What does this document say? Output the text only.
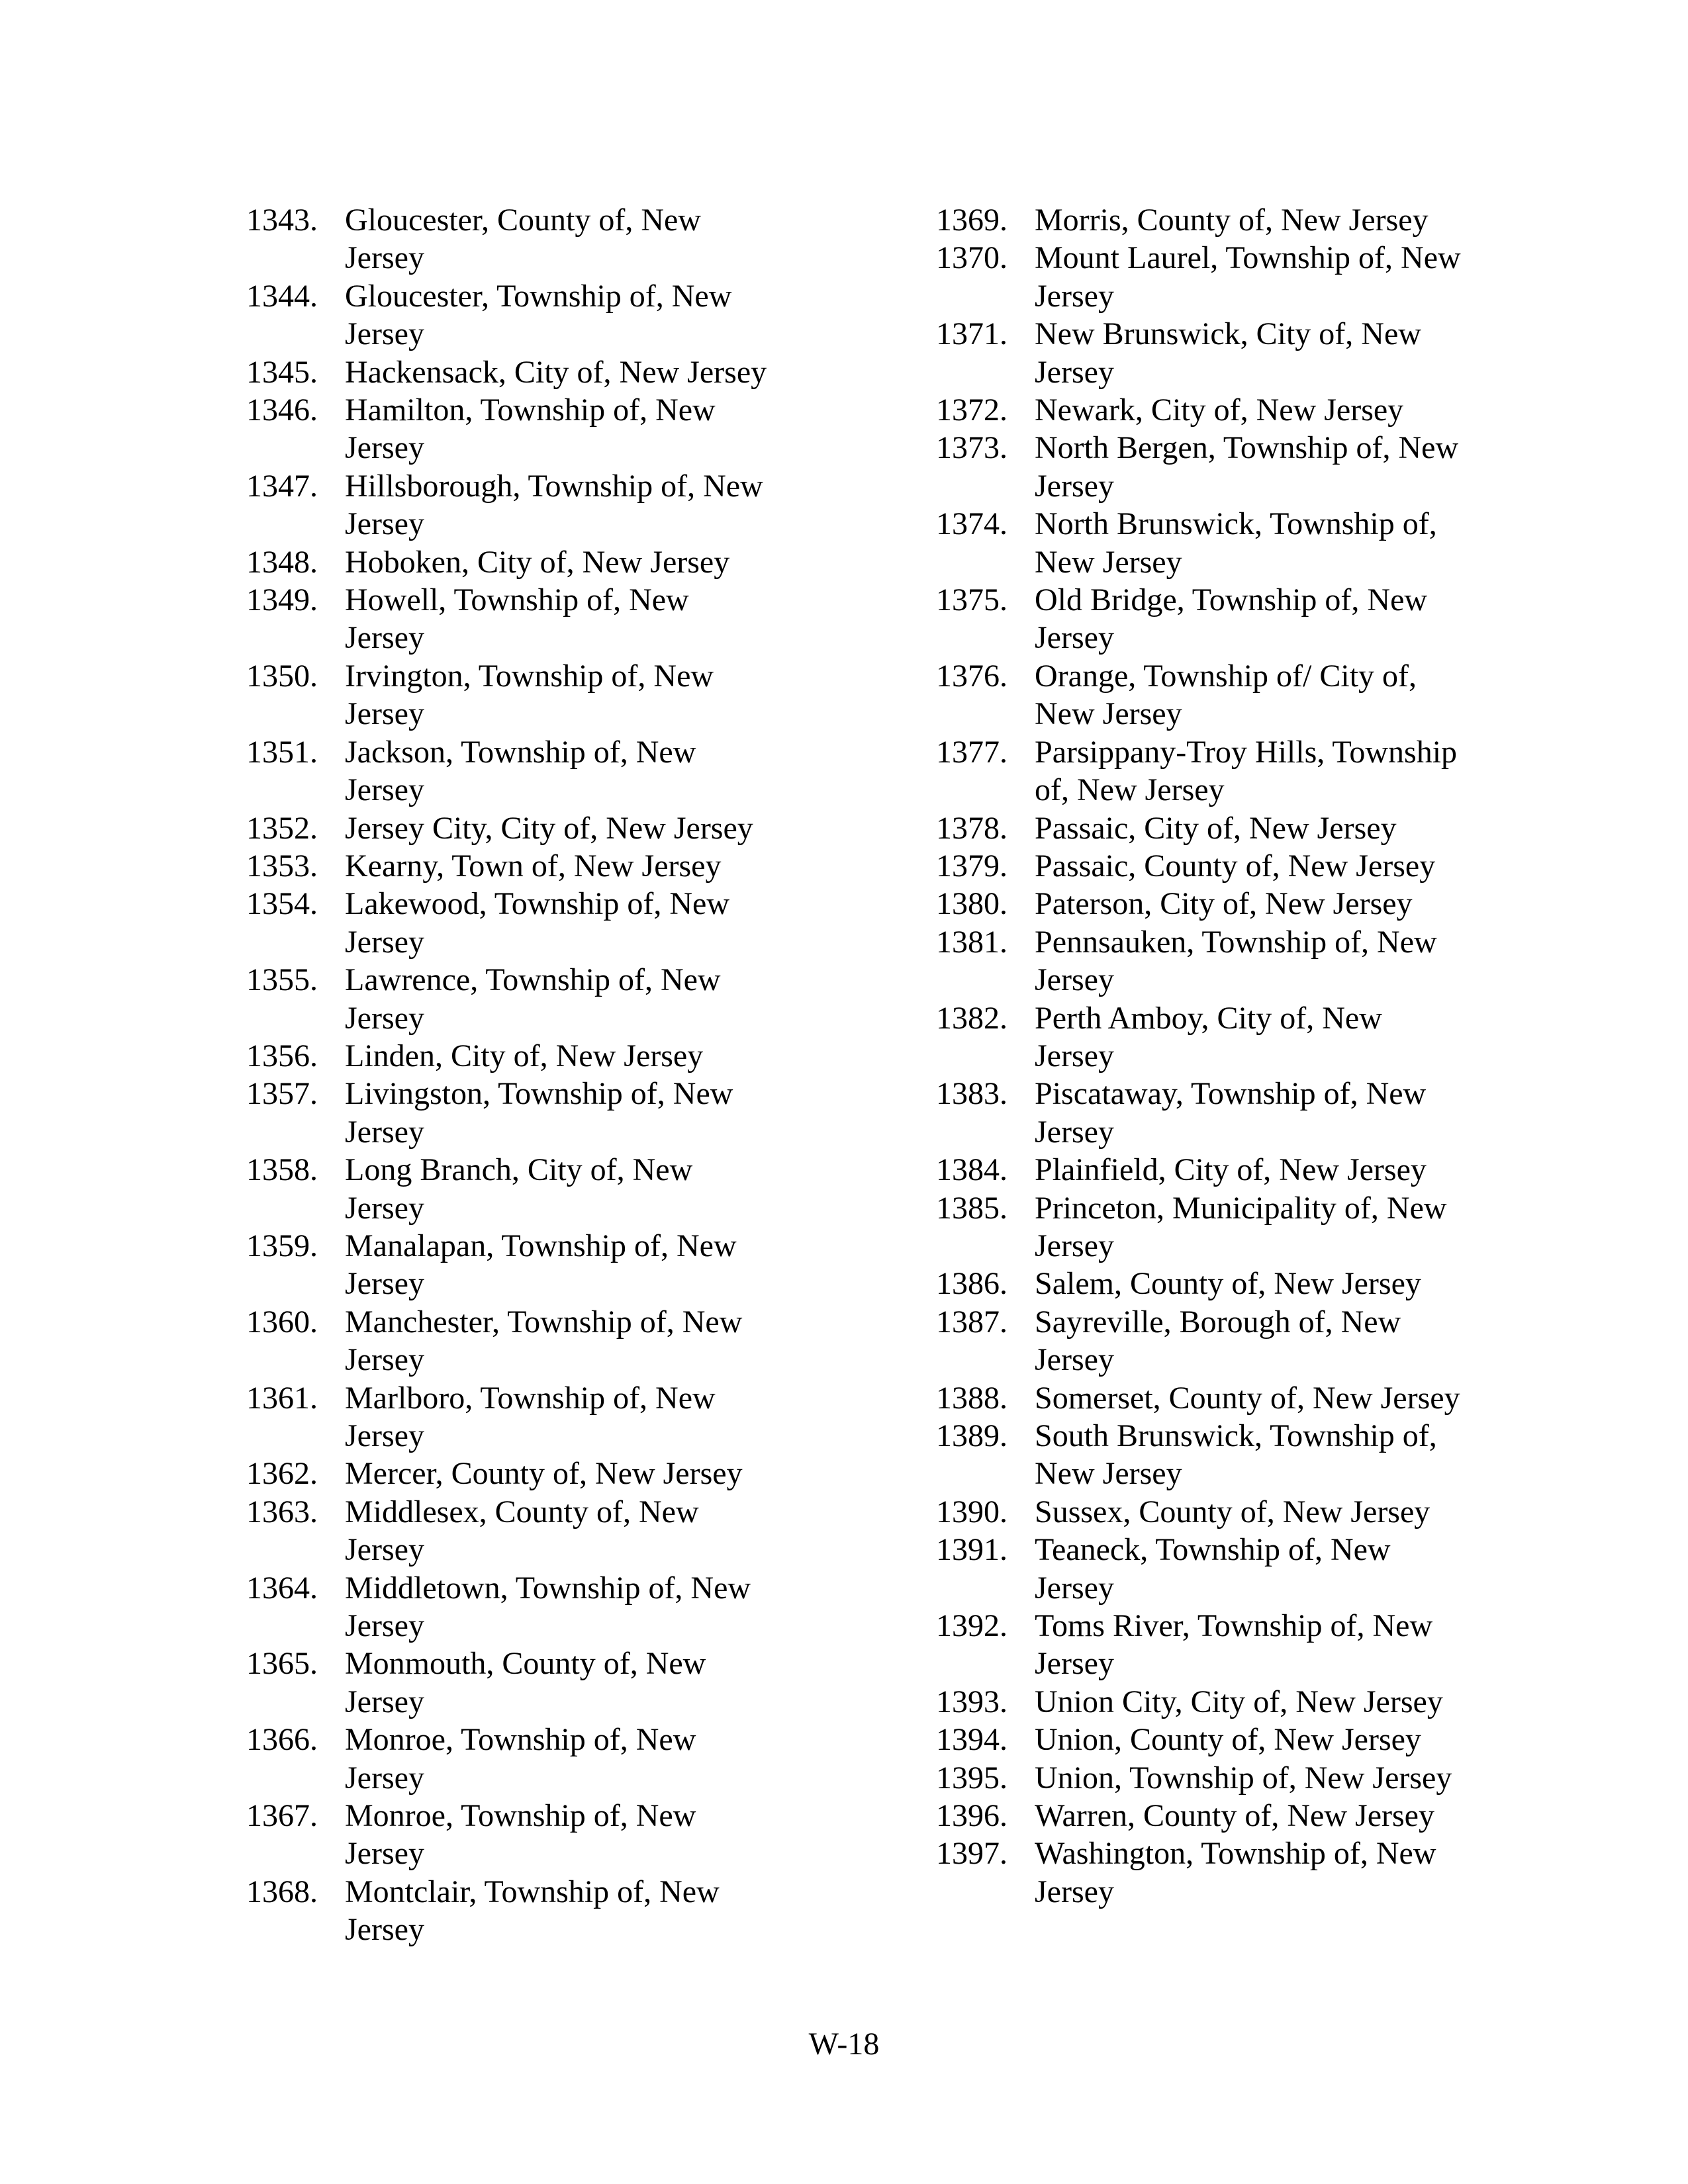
1343. Gloucester, County of, New
Jersey
1344. Gloucester, Township of, New
Jersey
1345. Hackensack, City of, New Jersey
1346. Hamilton, Township of, New
Jersey
1347. Hillsborough, Township of, New
Jersey
1348. Hoboken, City of, New Jersey
1349. Howell, Township of, New
Jersey
1350. Irvington, Township of, New
Jersey
1351. Jackson, Township of, New
Jersey
1352. Jersey City, City of, New Jersey
1353. Kearny, Town of, New Jersey
1354. Lakewood, Township of, New
Jersey
1355. Lawrence, Township of, New
Jersey
1356. Linden, City of, New Jersey
1357. Livingston, Township of, New
Jersey
1358. Long Branch, City of, New
Jersey
1359. Manalapan, Township of, New
Jersey
1360. Manchester, Township of, New
Jersey
1361. Marlboro, Township of, New
Jersey
1362. Mercer, County of, New Jersey
1363. Middlesex, County of, New
Jersey
1364. Middletown, Township of, New
Jersey
1365. Monmouth, County of, New
Jersey
1366. Monroe, Township of, New
Jersey
1367. Monroe, Township of, New
Jersey
1368. Montclair, Township of, New
Jersey
1369. Morris, County of, New Jersey
1370. Mount Laurel, Township of, New
Jersey
1371. New Brunswick, City of, New
Jersey
1372. Newark, City of, New Jersey
1373. North Bergen, Township of, New
Jersey
1374. North Brunswick, Township of,
New Jersey
1375. Old Bridge, Township of, New
Jersey
1376. Orange, Township of/ City of,
New Jersey
1377. Parsippany-Troy Hills, Township
of, New Jersey
1378. Passaic, City of, New Jersey
1379. Passaic, County of, New Jersey
1380. Paterson, City of, New Jersey
1381. Pennsauken, Township of, New
Jersey
1382. Perth Amboy, City of, New
Jersey
1383. Piscataway, Township of, New
Jersey
1384. Plainfield, City of, New Jersey
1385. Princeton, Municipality of, New
Jersey
1386. Salem, County of, New Jersey
1387. Sayreville, Borough of, New
Jersey
1388. Somerset, County of, New Jersey
1389. South Brunswick, Township of,
New Jersey
1390. Sussex, County of, New Jersey
1391. Teaneck, Township of, New
Jersey
1392. Toms River, Township of, New
Jersey
1393. Union City, City of, New Jersey
1394. Union, County of, New Jersey
1395. Union, Township of, New Jersey
1396. Warren, County of, New Jersey
1397. Washington, Township of, New
Jersey
W-18
